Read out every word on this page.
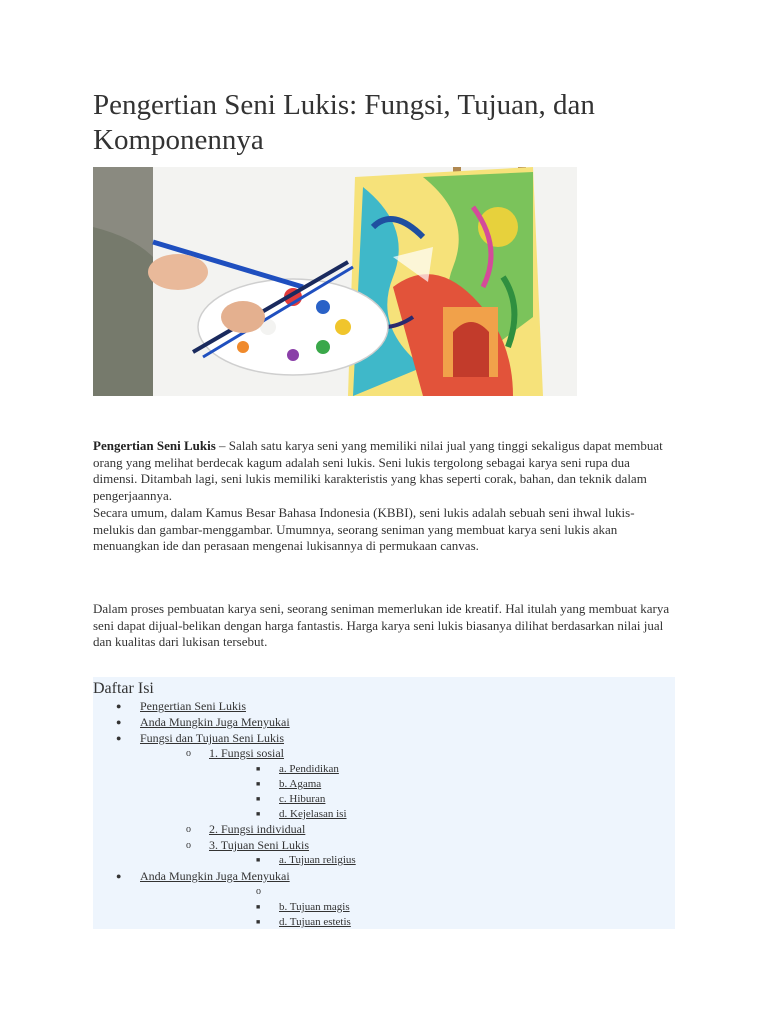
Pengertian Seni Lukis: Fungsi, Tujuan, dan Komponennya

Pengertian Seni Lukis – Salah satu karya seni yang memiliki nilai jual yang tinggi sekaligus dapat membuat orang yang melihat berdecak kagum adalah seni lukis. Seni lukis tergolong sebagai karya seni rupa dua dimensi. Ditambah lagi, seni lukis memiliki karakteristis yang khas seperti corak, bahan, dan teknik dalam pengerjaannya.

Secara umum, dalam Kamus Besar Bahasa Indonesia (KBBI), seni lukis adalah sebuah seni ihwal lukis-melukis dan gambar-menggambar. Umumnya, seorang seniman yang membuat karya seni lukis akan menuangkan ide dan perasaan mengenai lukisannya di permukaan canvas.

Dalam proses pembuatan karya seni, seorang seniman memerlukan ide kreatif. Hal itulah yang membuat karya seni dapat dijual-belikan dengan harga fantastis. Harga karya seni lukis biasanya dilihat berdasarkan nilai jual dan kualitas dari lukisan tersebut.

Daftar Isi
● Pengertian Seni Lukis
● Anda Mungkin Juga Menyukai
● Fungsi dan Tujuan Seni Lukis
o 1. Fungsi sosial
■ a. Pendidikan
■ b. Agama
■ c. Hiburan
■ d. Kejelasan isi
o 2. Fungsi individual
o 3. Tujuan Seni Lukis
■ a. Tujuan religius
● Anda Mungkin Juga Menyukai
o
■ b. Tujuan magis
■ d. Tujuan estetis
